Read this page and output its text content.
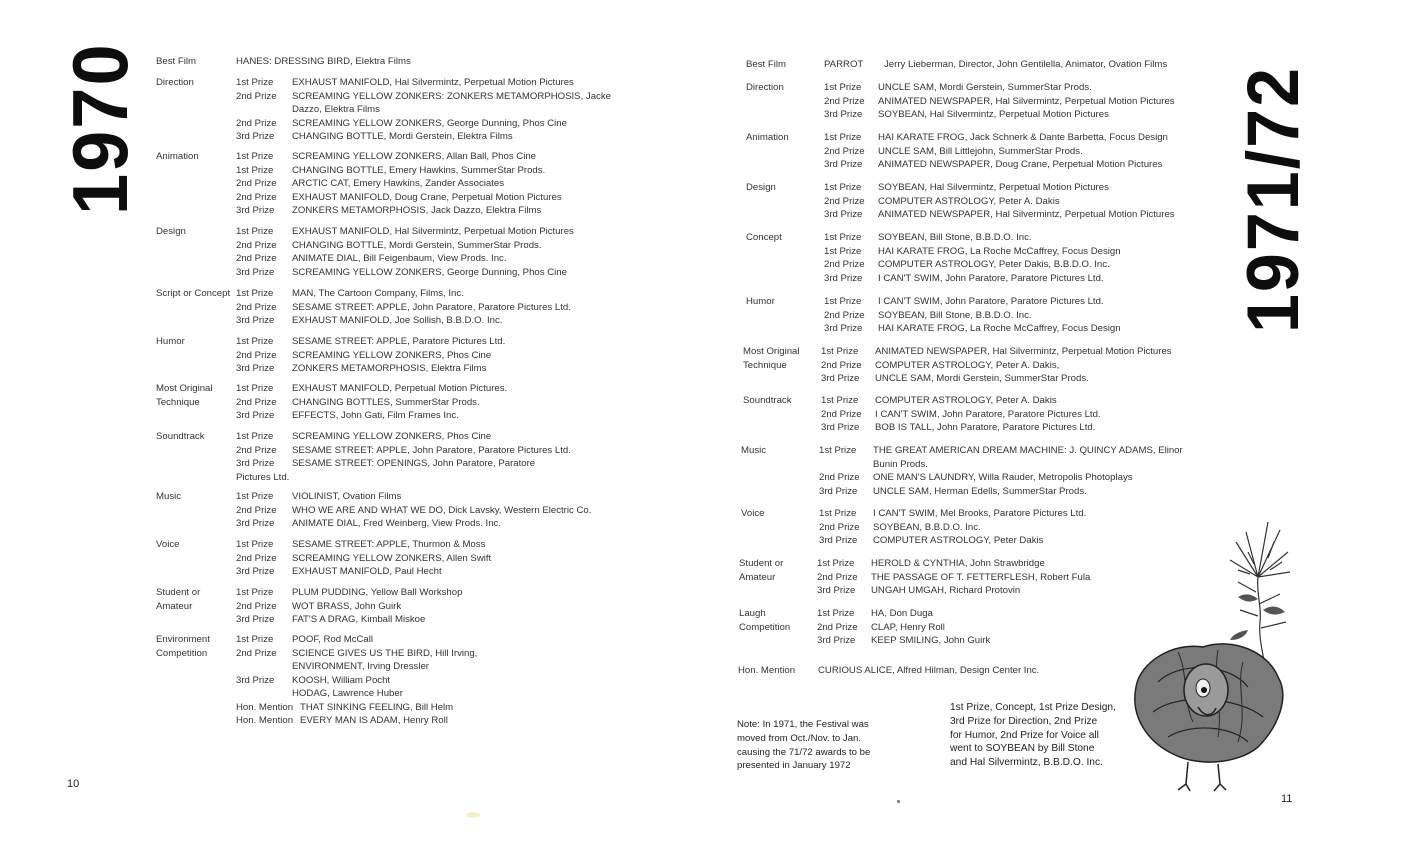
1970 Best Film	HANES: DRESSING BIRD, Elektra Films
Direction	1st Prize EXHAUST MANIFOLD, Hal Silvermintz, Perpetual Motion Pictures
2nd Prize SCREAMING YELLOW ZONKERS: ZONKERS METAMORPHOSIS, Jacke
Dazzo, Elektra Films
2nd Prize SCREAMING YELLOW ZONKERS, George Dunning, Phos Cine
3rd Prize CHANGING BOTTLE, Mordi Gerstein, Elektra Films
Animation	1st Prize SCREAMING YELLOW ZONKERS, Allan Ball, Phos Cine
1st Prize CHANGING BOTTLE, Emery Hawkins, SummerStar Prods.
2nd Prize ARCTIC CAT, Emery Hawkins, Zander Associates
2nd Prize EXHAUST MANIFOLD, Doug Crane, Perpetual Motion Pictures
3rd Prize ZONKERS METAMORPHOSIS, Jack Dazzo, Elektra Films
Design	1st Prize EXHAUST MANIFOLD, Hal Silvermintz, Perpetual Motion Pictures
2nd Prize CHANGING BOTTLE, Mordi Gerstein, SummerStar Prods.
2nd Prize ANIMATE DIAL, Bill Feigenbaum, View Prods. Inc.
3rd Prize SCREAMING YELLOW ZONKERS, George Dunning, Phos Cine
Script or Concept 1st Prize MAN, The Cartoon Company, Films, Inc.
2nd Prize SESAME STREET: APPLE, John Paratore, Paratore Pictures Ltd.
3rd Prize EXHAUST MANIFOLD, Joe Sollish, B.B.D.O. Inc.
Humor	1st Prize SESAME STREET: APPLE, Paratore Pictures Ltd.
2nd Prize SCREAMING YELLOW ZONKERS, Phos Cine
3rd Prize ZONKERS METAMORPHOSIS, Elektra Films
Most Original Technique
1st Prize EXHAUST MANIFOLD, Perpetual Motion Pictures.
2nd Prize CHANGING BOTTLES, SummerStar Prods.
3rd Prize EFFECTS, John Gati, Film Frames Inc.
Soundtrack	1st Prize SCREAMING YELLOW ZONKERS, Phos Cine
2nd Prize SESAME STREET: APPLE, John Paratore, Paratore Pictures Ltd.
3rd Prize SESAME STREET: OPENINGS, John Paratore, Paratore
Pictures Ltd.
Music	1st Prize VIOLINIST, Ovation Films
2nd Prize WHO WE ARE AND WHAT WE DO, Dick Lavsky, Western Electric Co.
3rd Prize ANIMATE DIAL, Fred Weinberg, View Prods. Inc.
Voice	1st Prize SESAME STREET: APPLE, Thurmon & Moss
2nd Prize SCREAMING YELLOW ZONKERS, Allen Swift
3rd Prize EXHAUST MANIFOLD, Paul Hecht
Student or Amateur
1st Prize PLUM PUDDING, Yellow Ball Workshop
2nd Prize WOT BRASS, John Guirk
3rd Prize FAT'S A DRAG, Kimball Miskoe
Environment Competition
1st Prize POOF, Rod McCall
2nd Prize SCIENCE GIVES US THE BIRD, Hill Irving,
ENVIRONMENT, Irving Dressler
3rd Prize KOOSH, William Pocht
HODAG, Lawrence Huber
Hon. Mention THAT SINKING FEELING, Bill Helm
Hon. Mention EVERY MAN IS ADAM, Henry Roll
10
Best Film	PARROT Jerry Lieberman, Director, John Gentilella, Animator, Ovation Films
Direction	1st Prize UNCLE SAM, Mordi Gerstein, SummerStar Prods.
2nd Prize ANIMATED NEWSPAPER, Hal Silvermintz, Perpetual Motion Pictures
3rd Prize SOYBEAN, Hal Silvermintz, Perpetual Motion Pictures
Animation	1st Prize HAI KARATE FROG, Jack Schnerk & Dante Barbetta, Focus Design
2nd Prize UNCLE SAM, Bill Littlejohn, SummerStar Prods.
3rd Prize ANIMATED NEWSPAPER, Doug Crane, Perpetual Motion Pictures
Design	1st Prize SOYBEAN, Hal Silvermintz, Perpetual Motion Pictures
2nd Prize COMPUTER ASTROLOGY, Peter A. Dakis
3rd Prize ANIMATED NEWSPAPER, Hal Silvermintz, Perpetual Motion Pictures
Concept	1st Prize SOYBEAN, Bill Stone, B.B.D.O. Inc.
1st Prize HAI KARATE FROG, La Roche McCaffrey, Focus Design
2nd Prize COMPUTER ASTROLOGY, Peter Dakis, B.B.D.O. Inc.
3rd Prize I CAN'T SWIM, John Paratore, Paratore Pictures Ltd.
Humor	1st Prize I CAN'T SWIM, John Paratore, Paratore Pictures Ltd.
2nd Prize SOYBEAN, Bill Stone, B.B.D.O. Inc.
3rd Prize HAI KARATE FROG, La Roche McCaffrey, Focus Design
Most Original Technique
1st Prize ANIMATED NEWSPAPER, Hal Silvermintz, Perpetual Motion Pictures
2nd Prize COMPUTER ASTROLOGY, Peter A. Dakis,
3rd Prize UNCLE SAM, Mordi Gerstein, SummerStar Prods.
Soundtrack	1st Prize COMPUTER ASTROLOGY, Peter A. Dakis
2nd Prize I CAN'T SWIM, John Paratore, Paratore Pictures Ltd.
3rd Prize BOB IS TALL, John Paratore, Paratore Pictures Ltd.
Music	1st Prize THE GREAT AMERICAN DREAM MACHINE: J. QUINCY ADAMS, Elinor
Bunin Prods.
2nd Prize ONE MAN'S LAUNDRY, Willa Rauder, Metropolis Photoplays
3rd Prize UNCLE SAM, Herman Edells, SummerStar Prods.
Voice	1st Prize I CAN'T SWIM, Mel Brooks, Paratore Pictures Ltd.
2nd Prize SOYBEAN, B.B.D.O. Inc.
3rd Prize COMPUTER ASTROLOGY, Peter Dakis
Student or Amateur
1st Prize HEROLD & CYNTHIA, John Strawbridge
2nd Prize THE PASSAGE OF T. FETTERFLESH, Robert Fula
3rd Prize UNGAH UMGAH, Richard Protovin
Laugh Competition
1st Prize HA, Don Duga
2nd Prize CLAP, Henry Roll
3rd Prize KEEP SMILING, John Guirk
Hon. Mention	CURIOUS ALICE, Alfred Hilman, Design Center Inc.
Note: In 1971, the Festival was
moved from Oct./Nov. to Jan.
causing the 71/72 awards to be
presented in January 1972
1st Prize, Concept, 1st Prize Design,
3rd Prize for Direction, 2nd Prize
for Humor, 2nd Prize for Voice all
went to SOYBEAN by Bill Stone
and Hal Silvermintz, B.B.D.O. Inc.
11
1971/72
